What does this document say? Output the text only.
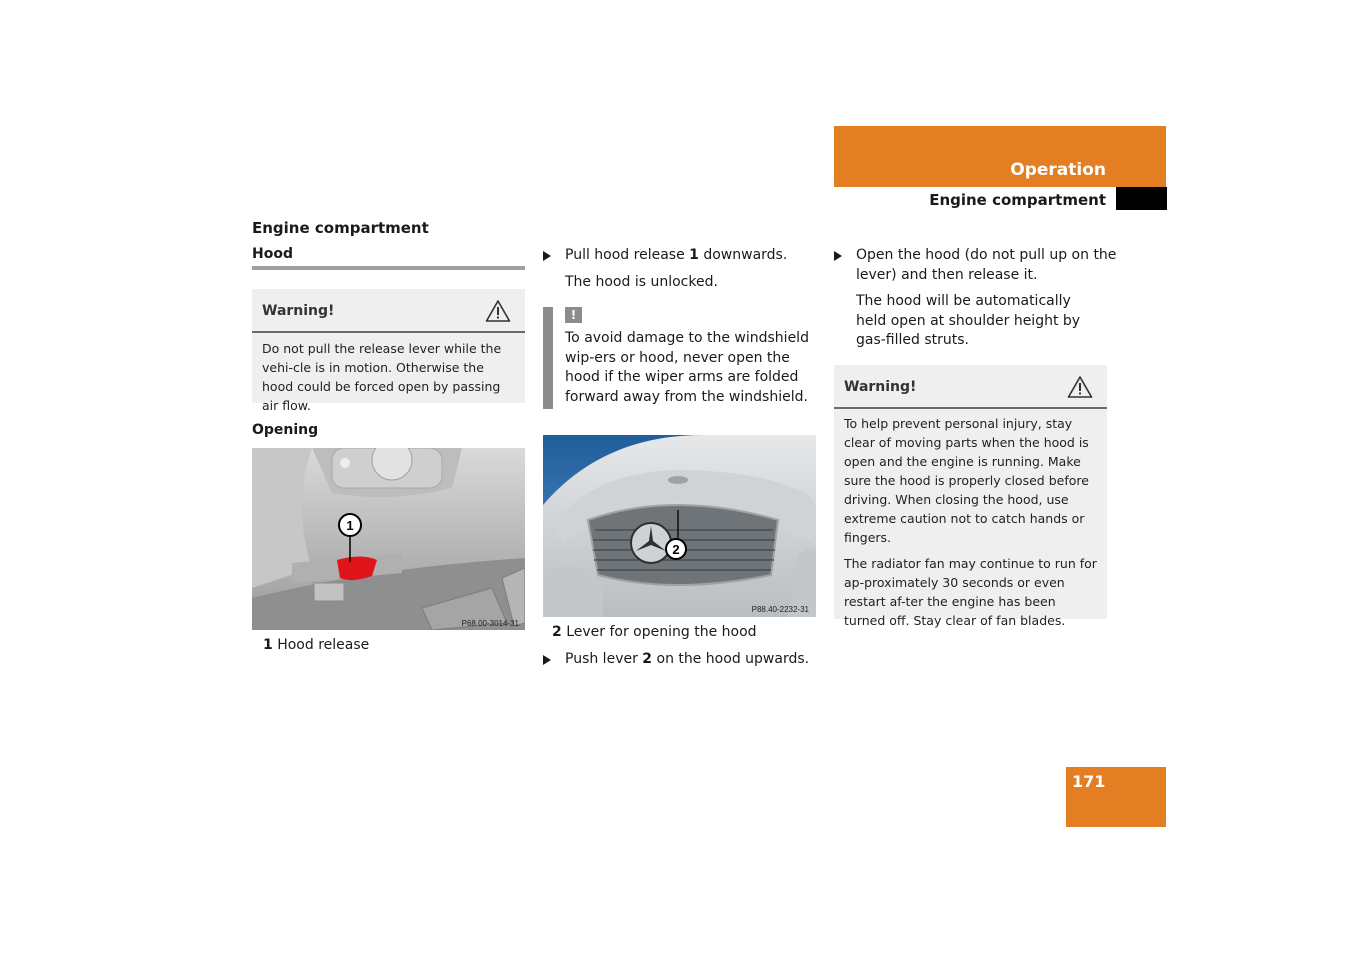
Operation
Engine compartment
Engine compartment
Hood
Warning!

Do not pull the release lever while the vehi-cle is in motion. Otherwise the hood could be forced open by passing air flow.

Opening
1
P68.00-3014-31
1 Hood release
Pull hood release 1 downwards.
The hood is unlocked.
!
To avoid damage to the windshield wip-ers or hood, never open the hood if the wiper arms are folded forward away from the windshield.
2
P88.40-2232-31
2 Lever for opening the hood
Push lever 2 on the hood upwards.
Open the hood (do not pull up on the lever) and then release it.
The hood will be automatically held open at shoulder height by gas-filled struts.
Warning!

To help prevent personal injury, stay clear of moving parts when the hood is open and the engine is running. Make sure the hood is properly closed before driving. When closing the hood, use extreme caution not to catch hands or fingers.

The radiator fan may continue to run for ap-proximately 30 seconds or even restart af-ter the engine has been turned off. Stay clear of fan blades.

171
